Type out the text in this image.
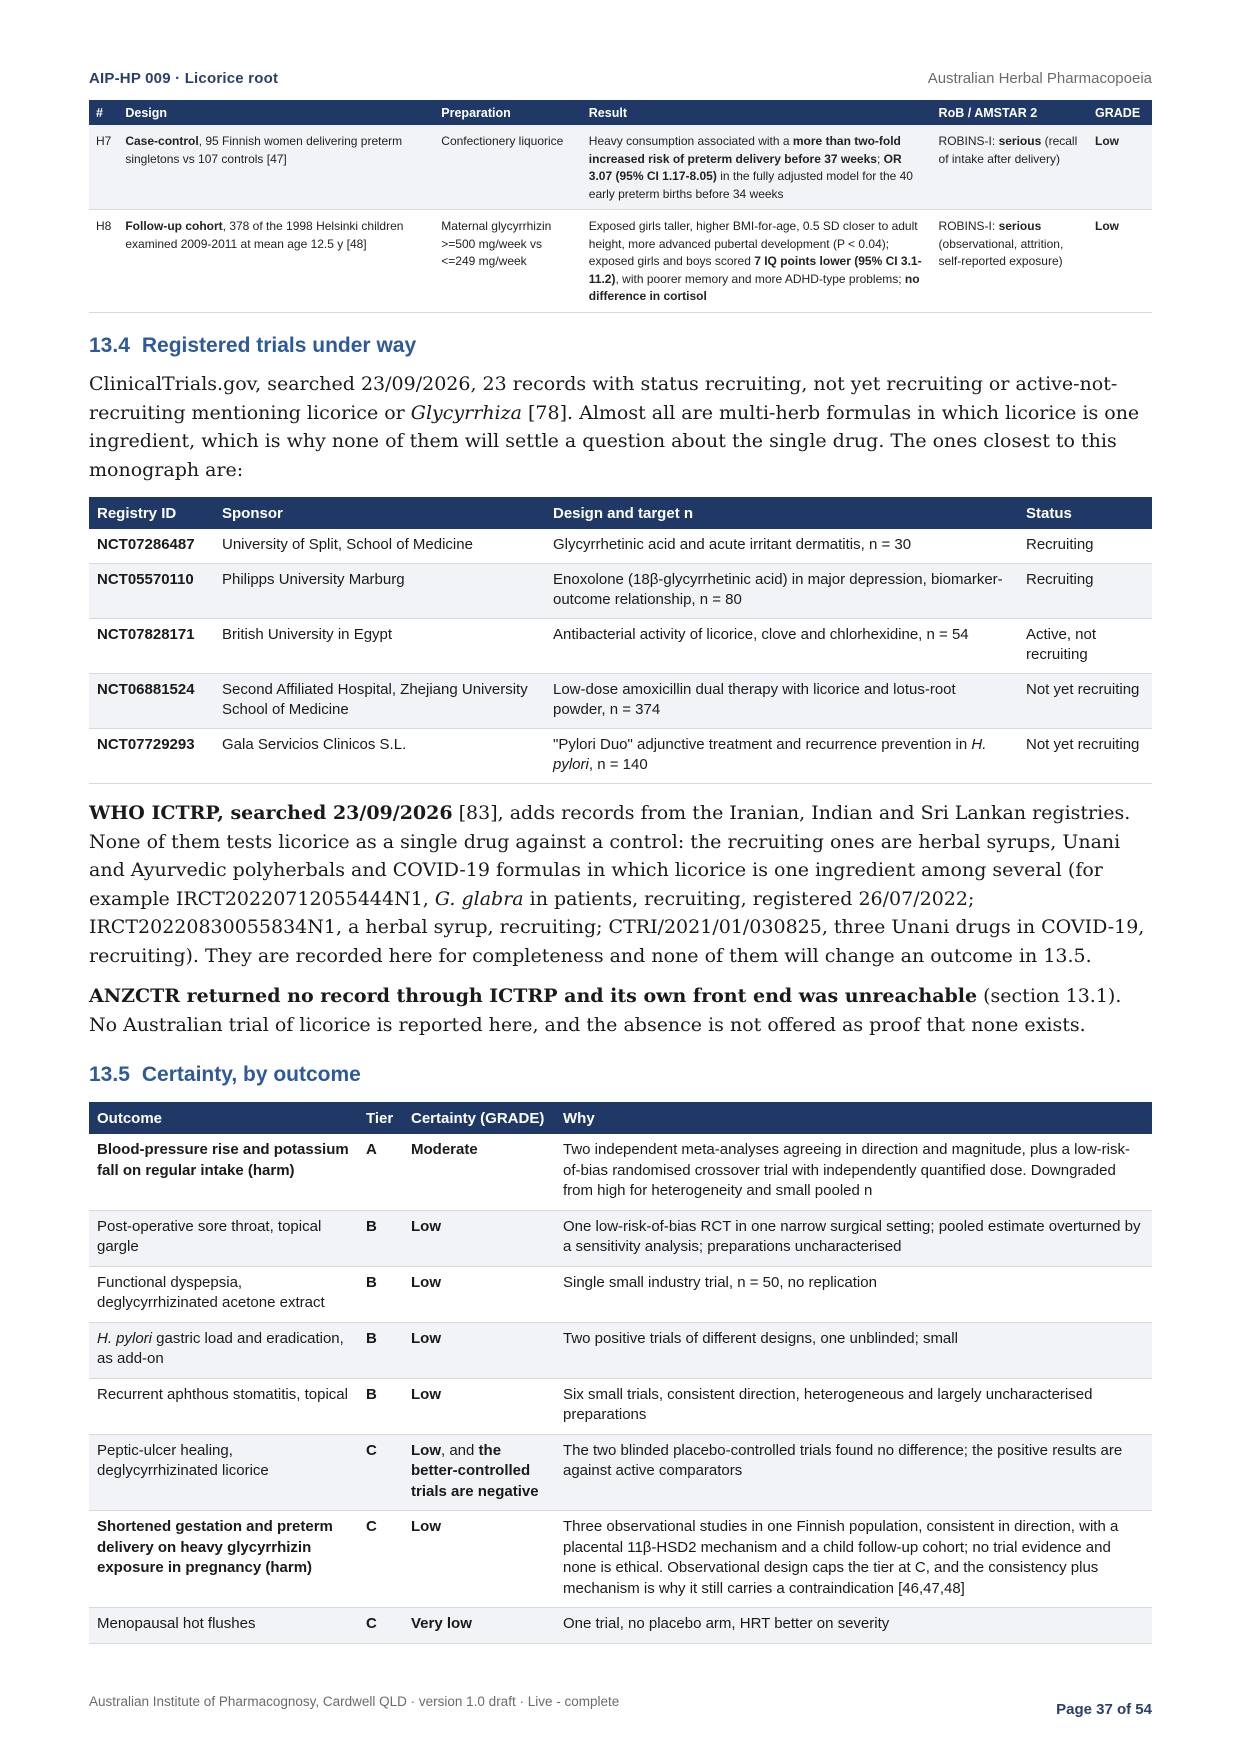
AIP-HP 009 · Licorice root	Australian Herbal Pharmacopoeia
#	Design	Preparation	Result	RoB / AMSTAR 2	GRADE
H7	Case-control, 95 Finnish women delivering preterm singletons vs 107 controls [47]	Confectionery liquorice	Heavy consumption associated with a more than two-fold increased risk of preterm delivery before 37 weeks; OR 3.07 (95% CI 1.17-8.05) in the fully adjusted model for the 40 early preterm births before 34 weeks	ROBINS-I: serious (recall of intake after delivery)	Low
H8	Follow-up cohort, 378 of the 1998 Helsinki children examined 2009-2011 at mean age 12.5 y [48]	Maternal glycyrrhizin >=500 mg/week vs <=249 mg/week	Exposed girls taller, higher BMI-for-age, 0.5 SD closer to adult height, more advanced pubertal development (P < 0.04); exposed girls and boys scored 7 IQ points lower (95% CI 3.1-11.2), with poorer memory and more ADHD-type problems; no difference in cortisol	ROBINS-I: serious (observational, attrition, self-reported exposure)	Low
13.4 Registered trials under way

ClinicalTrials.gov, searched 23/09/2026, 23 records with status recruiting, not yet recruiting or active-not-recruiting mentioning licorice or Glycyrrhiza [78]. Almost all are multi-herb formulas in which licorice is one ingredient, which is why none of them will settle a question about the single drug. The ones closest to this monograph are:

Registry ID	Sponsor	Design and target n	Status
NCT07286487	University of Split, School of Medicine	Glycyrrhetinic acid and acute irritant dermatitis, n = 30	Recruiting
NCT05570110	Philipps University Marburg	Enoxolone (18β-glycyrrhetinic acid) in major depression, biomarker-outcome relationship, n = 80	Recruiting
NCT07828171	British University in Egypt	Antibacterial activity of licorice, clove and chlorhexidine, n = 54	Active, not recruiting
NCT06881524	Second Affiliated Hospital, Zhejiang University School of Medicine	Low-dose amoxicillin dual therapy with licorice and lotus-root powder, n = 374	Not yet recruiting
NCT07729293	Gala Servicios Clinicos S.L.	"Pylori Duo" adjunctive treatment and recurrence prevention in H. pylori, n = 140	Not yet recruiting

WHO ICTRP, searched 23/09/2026 [83], adds records from the Iranian, Indian and Sri Lankan registries. None of them tests licorice as a single drug against a control: the recruiting ones are herbal syrups, Unani and Ayurvedic polyherbals and COVID-19 formulas in which licorice is one ingredient among several (for example IRCT20220712055444N1, G. glabra in patients, recruiting, registered 26/07/2022; IRCT20220830055834N1, a herbal syrup, recruiting; CTRI/2021/01/030825, three Unani drugs in COVID-19, recruiting). They are recorded here for completeness and none of them will change an outcome in 13.5.

ANZCTR returned no record through ICTRP and its own front end was unreachable (section 13.1). No Australian trial of licorice is reported here, and the absence is not offered as proof that none exists.

13.5 Certainty, by outcome
Outcome	Tier	Certainty (GRADE)	Why
Blood-pressure rise and potassium fall on regular intake (harm)	A	Moderate	Two independent meta-analyses agreeing in direction and magnitude, plus a low-risk-of-bias randomised crossover trial with independently quantified dose. Downgraded from high for heterogeneity and small pooled n
Post-operative sore throat, topical gargle	B	Low	One low-risk-of-bias RCT in one narrow surgical setting; pooled estimate overturned by a sensitivity analysis; preparations uncharacterised
Functional dyspepsia, deglycyrrhizinated acetone extract	B	Low	Single small industry trial, n = 50, no replication
H. pylori gastric load and eradication, as add-on	B	Low	Two positive trials of different designs, one unblinded; small
Recurrent aphthous stomatitis, topical	B	Low	Six small trials, consistent direction, heterogeneous and largely uncharacterised preparations
Peptic-ulcer healing, deglycyrrhizinated licorice	C	Low, and the better-controlled trials are negative	The two blinded placebo-controlled trials found no difference; the positive results are against active comparators
Shortened gestation and preterm delivery on heavy glycyrrhizin exposure in pregnancy (harm)	C	Low	Three observational studies in one Finnish population, consistent in direction, with a placental 11β-HSD2 mechanism and a child follow-up cohort; no trial evidence and none is ethical. Observational design caps the tier at C, and the consistency plus mechanism is why it still carries a contraindication [46,47,48]
Menopausal hot flushes	C	Very low	One trial, no placebo arm, HRT better on severity
Australian Institute of Pharmacognosy, Cardwell QLD · version 1.0 draft · Live - complete	Page 37 of 54
